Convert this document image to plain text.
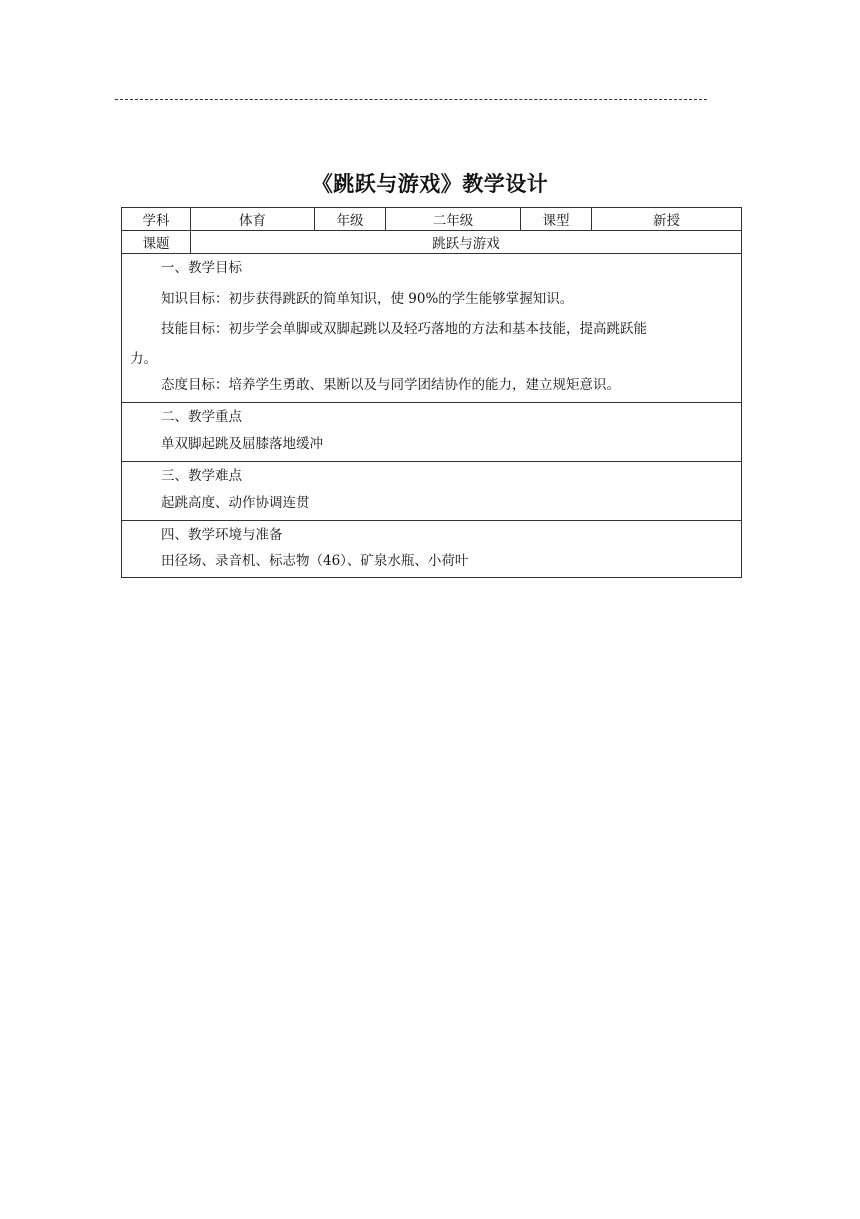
《跳跃与游戏》教学设计
学科	体育	年级	二年级	课型	新授
课题	跳跃与游戏				

一、教学目标
知识目标：初步获得跳跃的简单知识，使 90%的学生能够掌握知识。
技能目标：初步学会单脚或双脚起跳以及轻巧落地的方法和基本技能，提高跳跃能
力。
态度目标：培养学生勇敢、果断以及与同学团结协作的能力，建立规矩意识。					

二、教学重点
单双脚起跳及屈膝落地缓冲					

三、教学难点
起跳高度、动作协调连贯					

四、教学环境与准备
田径场、录音机、标志物（46）、矿泉水瓶、小荷叶					
